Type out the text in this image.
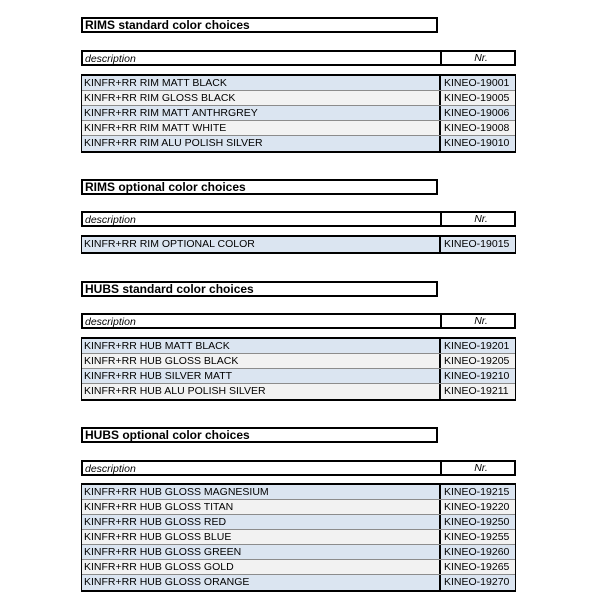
RIMS standard color choices
description	Nr.
KINFR+RR RIM MATT BLACK	KINEO-19001
KINFR+RR RIM GLOSS BLACK	KINEO-19005
KINFR+RR RIM MATT ANTHRGREY	KINEO-19006
KINFR+RR RIM MATT WHITE	KINEO-19008
KINFR+RR RIM ALU POLISH SILVER	KINEO-19010
RIMS optional color choices
description	Nr.
KINFR+RR RIM OPTIONAL COLOR	KINEO-19015
HUBS standard color choices
description	Nr.
KINFR+RR HUB MATT BLACK	KINEO-19201
KINFR+RR HUB GLOSS BLACK	KINEO-19205
KINFR+RR HUB SILVER MATT	KINEO-19210
KINFR+RR HUB ALU POLISH SILVER	KINEO-19211
HUBS optional color choices
description	Nr.
KINFR+RR HUB GLOSS MAGNESIUM	KINEO-19215
KINFR+RR HUB GLOSS TITAN	KINEO-19220
KINFR+RR HUB GLOSS RED	KINEO-19250
KINFR+RR HUB GLOSS BLUE	KINEO-19255
KINFR+RR HUB GLOSS GREEN	KINEO-19260
KINFR+RR HUB GLOSS GOLD	KINEO-19265
KINFR+RR HUB GLOSS ORANGE	KINEO-19270
